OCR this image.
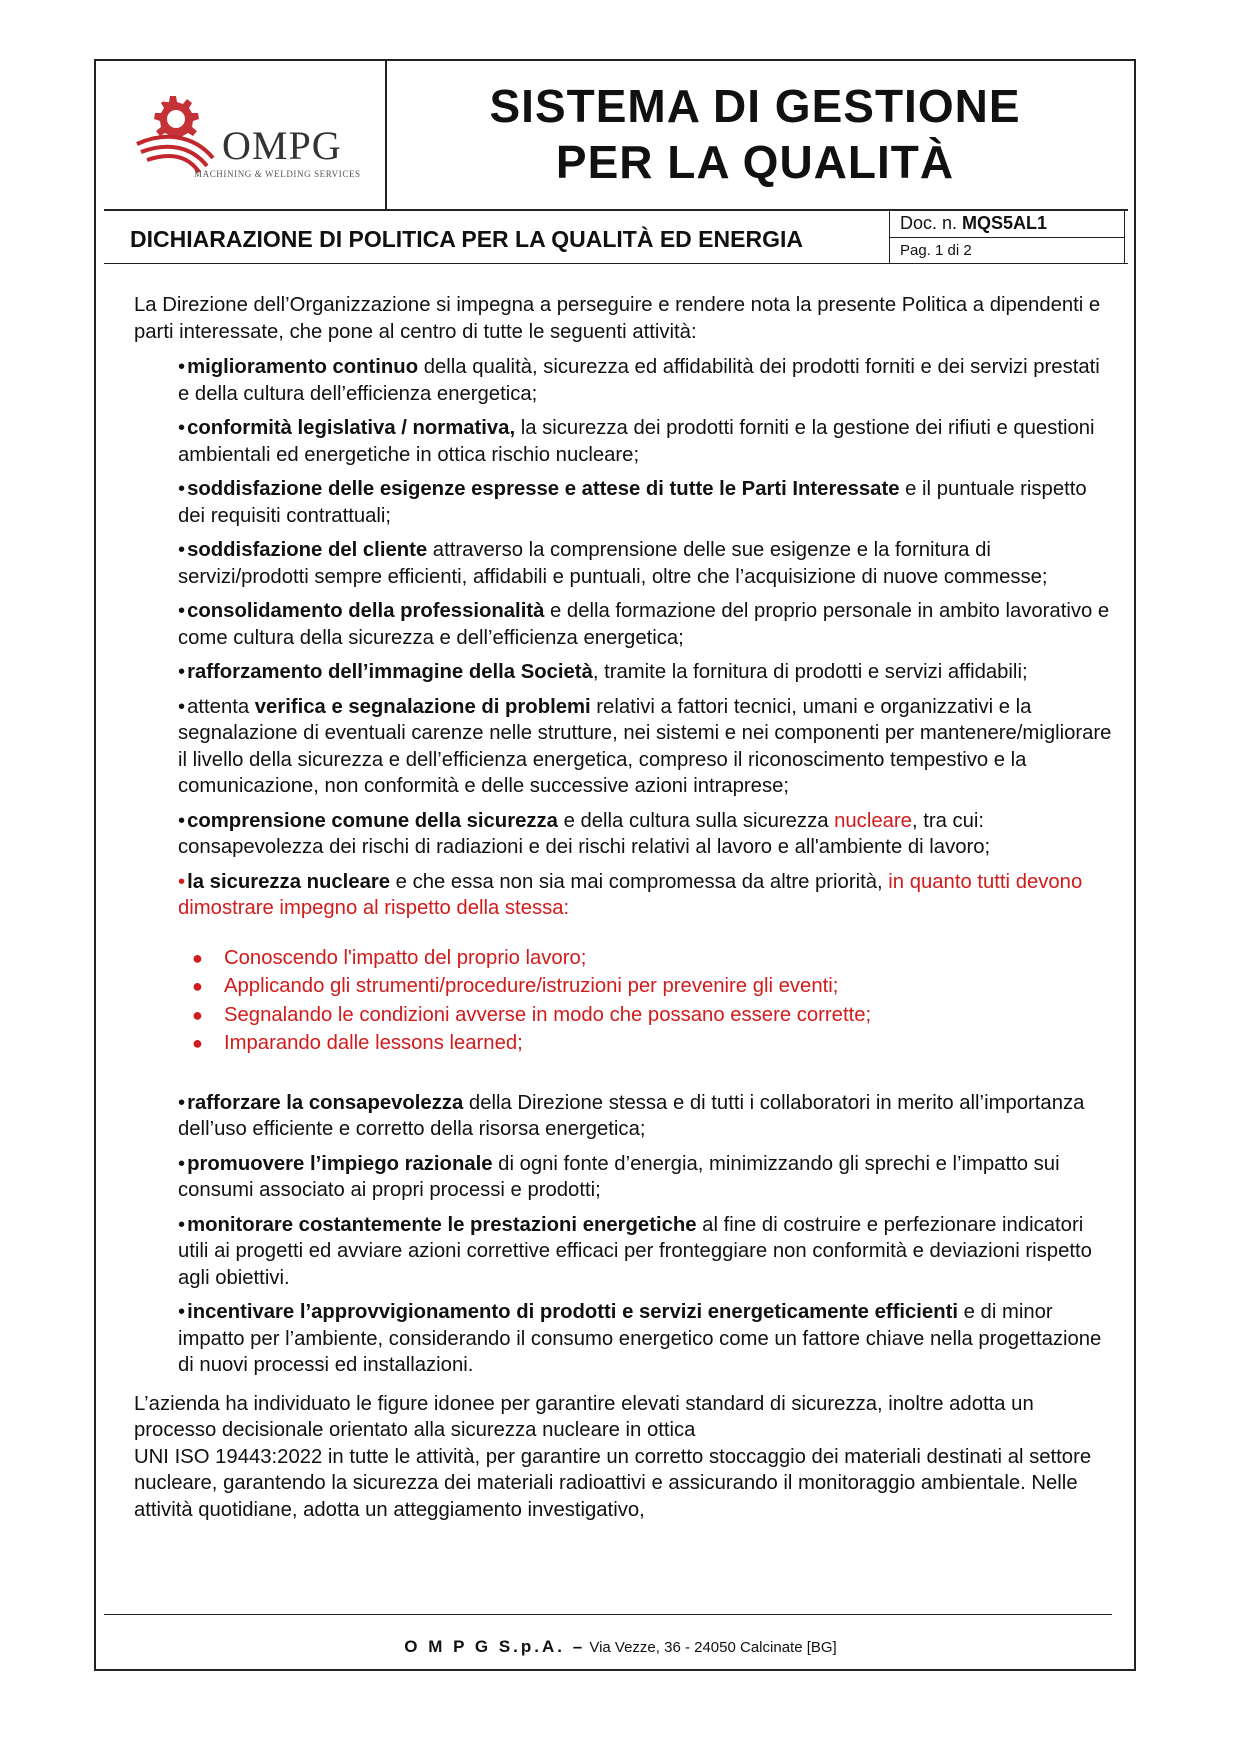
OMPG
MACHINING & WELDING SERVICES
SISTEMA DI GESTIONE
PER LA QUALITÀ
DICHIARAZIONE DI POLITICA PER LA QUALITÀ ED ENERGIA
Doc. n. MQS5AL1
Pag. 1 di 2

La Direzione dell’Organizzazione si impegna a perseguire e rendere nota la presente Politica a dipendenti e parti interessate, che pone al centro di tutte le seguenti attività:

•miglioramento continuo della qualità, sicurezza ed affidabilità dei prodotti forniti e dei servizi prestati e della cultura dell’efficienza energetica;

•conformità legislativa / normativa, la sicurezza dei prodotti forniti e la gestione dei rifiuti e questioni ambientali ed energetiche in ottica rischio nucleare;

•soddisfazione delle esigenze espresse e attese di tutte le Parti Interessate e il puntuale rispetto dei requisiti contrattuali;

•soddisfazione del cliente attraverso la comprensione delle sue esigenze e la fornitura di servizi/prodotti sempre efficienti, affidabili e puntuali, oltre che l’acquisizione di nuove commesse;

•consolidamento della professionalità e della formazione del proprio personale in ambito lavorativo e come cultura della sicurezza e dell’efficienza energetica;

•rafforzamento dell’immagine della Società, tramite la fornitura di prodotti e servizi affidabili;

•attenta verifica e segnalazione di problemi relativi a fattori tecnici, umani e organizzativi e la segnalazione di eventuali carenze nelle strutture, nei sistemi e nei componenti per mantenere/migliorare il livello della sicurezza e dell’efficienza energetica, compreso il riconoscimento tempestivo e la comunicazione, non conformità e delle successive azioni intraprese;

•comprensione comune della sicurezza e della cultura sulla sicurezza nucleare, tra cui: consapevolezza dei rischi di radiazioni e dei rischi relativi al lavoro e all'ambiente di lavoro;

•la sicurezza nucleare e che essa non sia mai compromessa da altre priorità, in quanto tutti devono dimostrare impegno al rispetto della stessa:

● Conoscendo l'impatto del proprio lavoro;
● Applicando gli strumenti/procedure/istruzioni per prevenire gli eventi;
● Segnalando le condizioni avverse in modo che possano essere corrette;
● Imparando dalle lessons learned;

•rafforzare la consapevolezza della Direzione stessa e di tutti i collaboratori in merito all’importanza dell’uso efficiente e corretto della risorsa energetica;

•promuovere l’impiego razionale di ogni fonte d’energia, minimizzando gli sprechi e l’impatto sui consumi associato ai propri processi e prodotti;

•monitorare costantemente le prestazioni energetiche al fine di costruire e perfezionare indicatori utili ai progetti ed avviare azioni correttive efficaci per fronteggiare non conformità e deviazioni rispetto agli obiettivi.

•incentivare l’approvvigionamento di prodotti e servizi energeticamente efficienti e di minor impatto per l’ambiente, considerando il consumo energetico come un fattore chiave nella progettazione di nuovi processi ed installazioni.

L’azienda ha individuato le figure idonee per garantire elevati standard di sicurezza, inoltre adotta un processo decisionale orientato alla sicurezza nucleare in ottica
UNI ISO 19443:2022 in tutte le attività, per garantire un corretto stoccaggio dei materiali destinati al settore nucleare, garantendo la sicurezza dei materiali radioattivi e assicurando il monitoraggio ambientale. Nelle attività quotidiane, adotta un atteggiamento investigativo,

O M P G S.p.A. – Via Vezze, 36 - 24050 Calcinate [BG]
